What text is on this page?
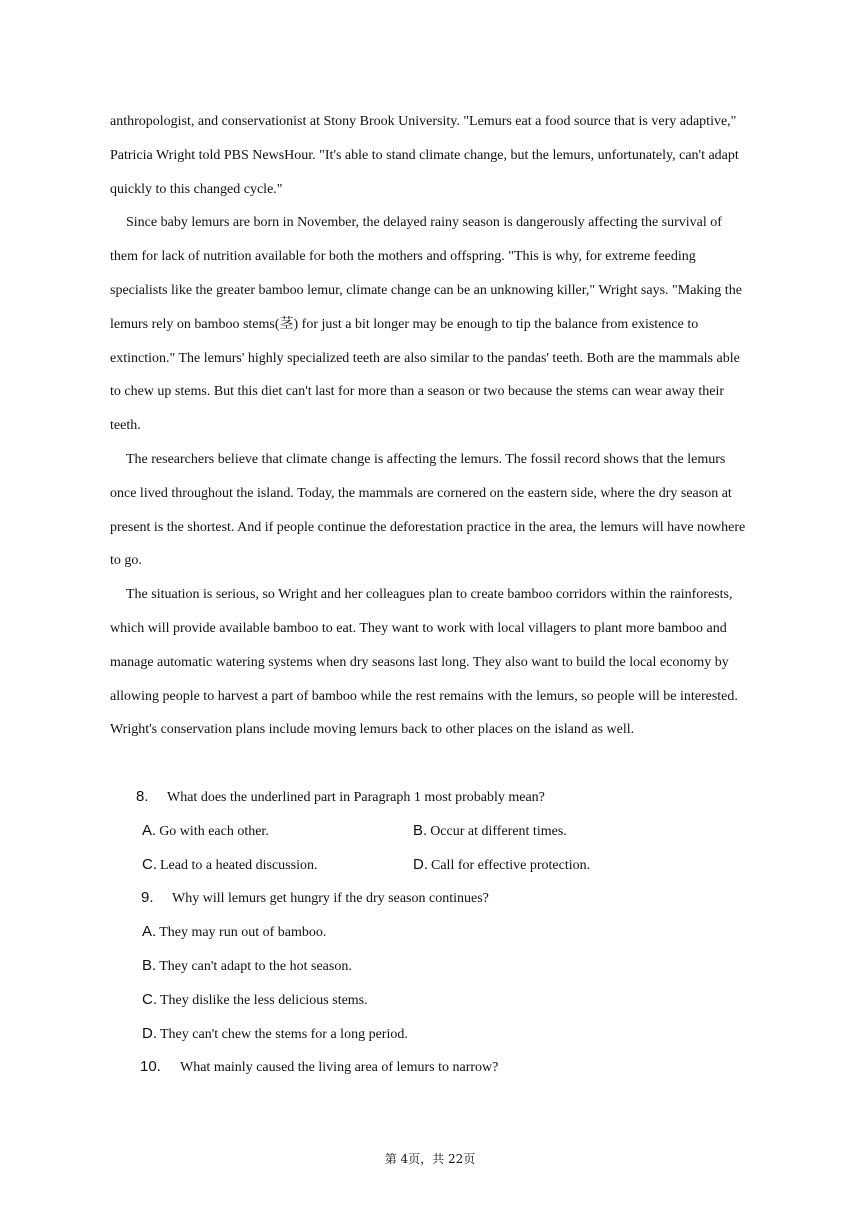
anthropologist, and conservationist at Stony Brook University. "Lemurs eat a food source that is very adaptive," Patricia Wright told PBS NewsHour. "It's able to stand climate change, but the lemurs, unfortunately, can't adapt quickly to this changed cycle."

Since baby lemurs are born in November, the delayed rainy season is dangerously affecting the survival of them for lack of nutrition available for both the mothers and offspring. "This is why, for extreme feeding specialists like the greater bamboo lemur, climate change can be an unknowing killer," Wright says. "Making the lemurs rely on bamboo stems(茎) for just a bit longer may be enough to tip the balance from existence to extinction." The lemurs' highly specialized teeth are also similar to the pandas' teeth. Both are the mammals able to chew up stems. But this diet can't last for more than a season or two because the stems can wear away their teeth.

The researchers believe that climate change is affecting the lemurs. The fossil record shows that the lemurs once lived throughout the island. Today, the mammals are cornered on the eastern side, where the dry season at present is the shortest. And if people continue the deforestation practice in the area, the lemurs will have nowhere to go.

The situation is serious, so Wright and her colleagues plan to create bamboo corridors within the rainforests, which will provide available bamboo to eat. They want to work with local villagers to plant more bamboo and manage automatic watering systems when dry seasons last long. They also want to build the local economy by allowing people to harvest a part of bamboo while the rest remains with the lemurs, so people will be interested. Wright's conservation plans include moving lemurs back to other places on the island as well.

8. What does the underlined part in Paragraph 1 most probably mean?
A. Go with each other.	B. Occur at different times.
C. Lead to a heated discussion.	D. Call for effective protection.
9. Why will lemurs get hungry if the dry season continues?
A. They may run out of bamboo.
B. They can't adapt to the hot season.
C. They dislike the less delicious stems.
D. They can't chew the stems for a long period.
10. What mainly caused the living area of lemurs to narrow?
第 4页，共 22页
